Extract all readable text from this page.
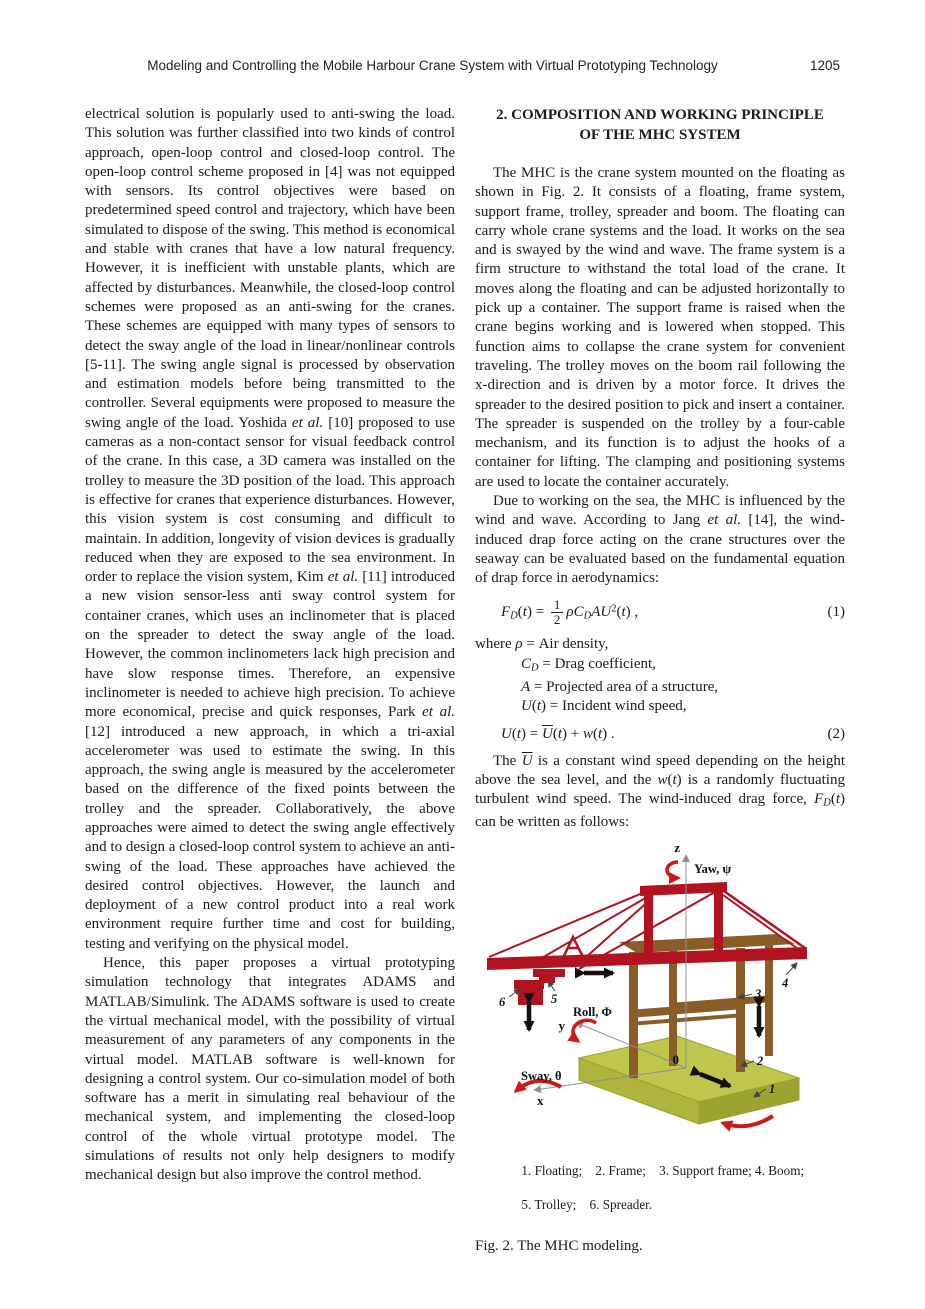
Modeling and Controlling the Mobile Harbour Crane System with Virtual Prototyping Technology	1205

electrical solution is popularly used to anti-swing the load. This solution was further classified into two kinds of control approach, open-loop control and closed-loop control. The open-loop control scheme proposed in [4] was not equipped with sensors. Its control objectives were based on predetermined speed control and trajectory, which have been simulated to dispose of the swing. This method is economical and stable with cranes that have a low natural frequency. However, it is inefficient with unstable plants, which are affected by disturbances. Meanwhile, the closed-loop control schemes were proposed as an anti-swing for the cranes. These schemes are equipped with many types of sensors to detect the sway angle of the load in linear/nonlinear controls [5-11]. The swing angle signal is processed by observation and estimation models before being transmitted to the controller. Several equipments were proposed to measure the swing angle of the load. Yoshida et al. [10] proposed to use cameras as a non-contact sensor for visual feedback control of the crane. In this case, a 3D camera was installed on the trolley to measure the 3D position of the load. This approach is effective for cranes that experience disturbances. However, this vision system is cost consuming and difficult to maintain. In addition, longevity of vision devices is gradually reduced when they are exposed to the sea environment. In order to replace the vision system, Kim et al. [11] introduced a new vision sensor-less anti sway control system for container cranes, which uses an inclinometer that is placed on the spreader to detect the sway angle of the load. However, the common inclinometers lack high precision and have slow response times. Therefore, an expensive inclinometer is needed to achieve high precision. To achieve more economical, precise and quick responses, Park et al. [12] introduced a new approach, in which a tri-axial accelerometer was used to estimate the swing. In this approach, the swing angle is measured by the accelerometer based on the difference of the fixed points between the trolley and the spreader. Collaboratively, the above approaches were aimed to detect the swing angle effectively and to design a closed-loop control system to achieve an anti-swing of the load. These approaches have achieved the desired control objectives. However, the launch and deployment of a new control product into a real work environment require further time and cost for building, testing and verifying on the physical model.

Hence, this paper proposes a virtual prototyping simulation technology that integrates ADAMS and MATLAB/Simulink. The ADAMS software is used to create the virtual mechanical model, with the possibility of virtual measurement of any parameters of any components in the virtual model. MATLAB software is well-known for designing a control system. Our co-simulation model of both software has a merit in simulating real behaviour of the mechanical system, and implementing the closed-loop control of the whole virtual prototype model. The simulations of results not only help designers to modify mechanical design but also improve the control method.

2. COMPOSITION AND WORKING PRINCIPLE
OF THE MHC SYSTEM

The MHC is the crane system mounted on the floating as shown in Fig. 2. It consists of a floating, frame system, support frame, trolley, spreader and boom. The floating can carry whole crane systems and the load. It works on the sea and is swayed by the wind and wave. The frame system is a firm structure to withstand the total load of the crane. It moves along the floating and can be adjusted horizontally to pick up a container. The support frame is raised when the crane begins working and is lowered when stopped. This function aims to collapse the crane system for convenient traveling. The trolley moves on the boom rail following the x-direction and is driven by a motor force. It drives the spreader to the desired position to pick and insert a container. The spreader is suspended on the trolley by a four-cable mechanism, and its function is to adjust the hooks of a container for lifting. The clamping and positioning systems are used to locate the container accurately.

Due to working on the sea, the MHC is influenced by the wind and wave. According to Jang et al. [14], the wind-induced drap force acting on the crane structures over the seaway can be evaluated based on the fundamental equation of drap force in aerodynamics:

$FD(t) = \frac{1}{2}$ ρCDAU$^2$(t) ,	(1)

where ρ = Air density,

CD = Drag coefficient,

A = Projected area of a structure,

U(t) = Incident wind speed,

$U(t) = \overline{U}(t) + w(t)$ .	(2)

The $\overline{U}$ is a constant wind speed depending on the height above the sea level, and the w(t) is a randomly fluctuating turbulent wind speed. The wind-induced drag force, FD(t) can be written as follows:

6	5
4
3
2
1
z
Yaw, ψ
Roll, Φ
y
0
Sway, θ
x

1. Floating;    2. Frame;    3. Support frame; 4. Boom;

5. Trolley;    6. Spreader.

Fig. 2. The MHC modeling.
